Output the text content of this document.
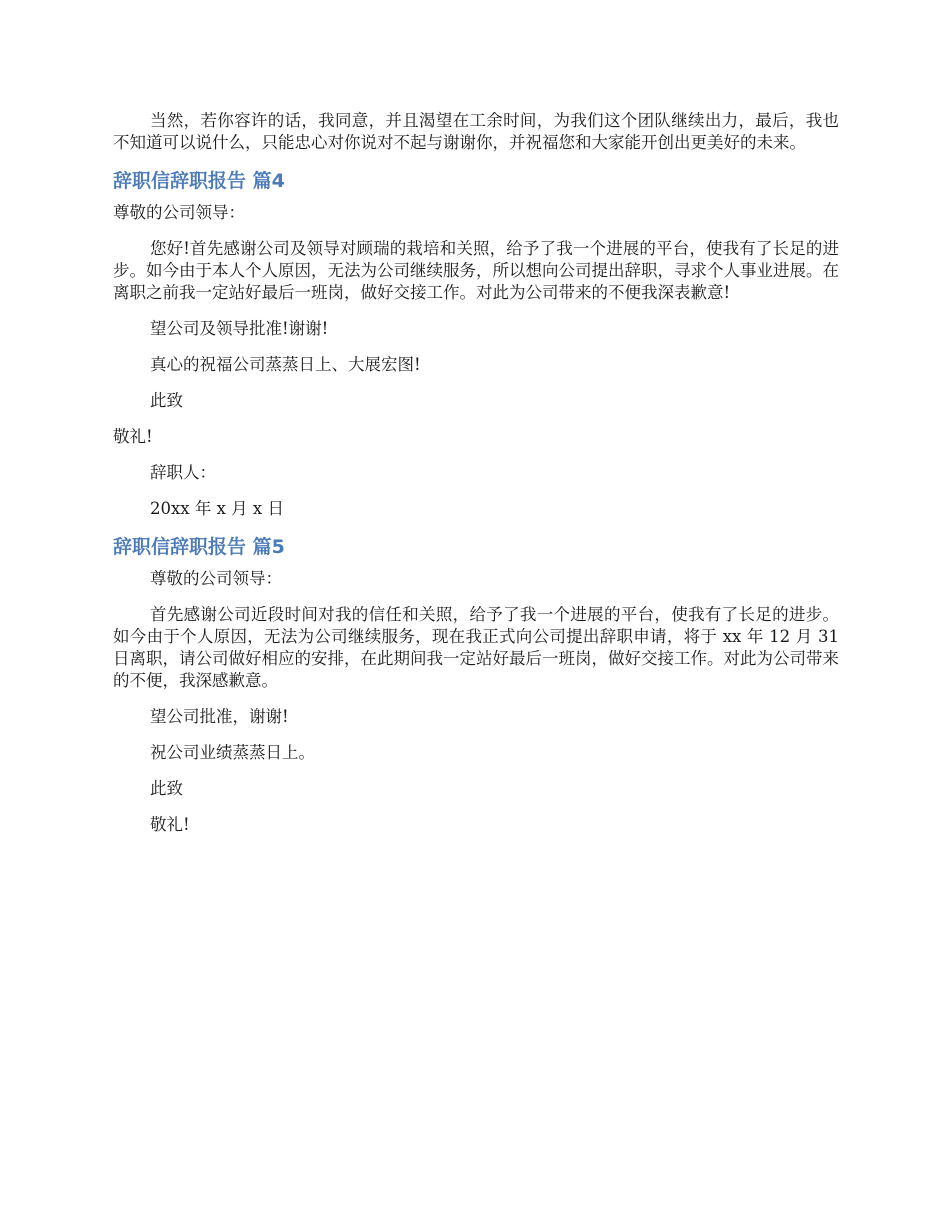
当然，若你容许的话，我同意，并且渴望在工余时间，为我们这个团队继续出力，最后，我也不知道可以说什么，只能忠心对你说对不起与谢谢你，并祝福您和大家能开创出更美好的未来。

辞职信辞职报告 篇4

尊敬的公司领导：

您好!首先感谢公司及领导对顾瑞的栽培和关照，给予了我一个进展的平台，使我有了长足的进步。如今由于本人个人原因，无法为公司继续服务，所以想向公司提出辞职，寻求个人事业进展。在离职之前我一定站好最后一班岗，做好交接工作。对此为公司带来的不便我深表歉意!

望公司及领导批准!谢谢!

真心的祝福公司蒸蒸日上、大展宏图!

此致

敬礼!

辞职人：

20xx 年 x 月 x 日

辞职信辞职报告 篇5

尊敬的公司领导：

首先感谢公司近段时间对我的信任和关照，给予了我一个进展的平台，使我有了长足的进步。如今由于个人原因，无法为公司继续服务，现在我正式向公司提出辞职申请，将于 xx 年 12 月 31 日离职，请公司做好相应的安排，在此期间我一定站好最后一班岗，做好交接工作。对此为公司带来的不便，我深感歉意。

望公司批准，谢谢!

祝公司业绩蒸蒸日上。

此致

敬礼!
